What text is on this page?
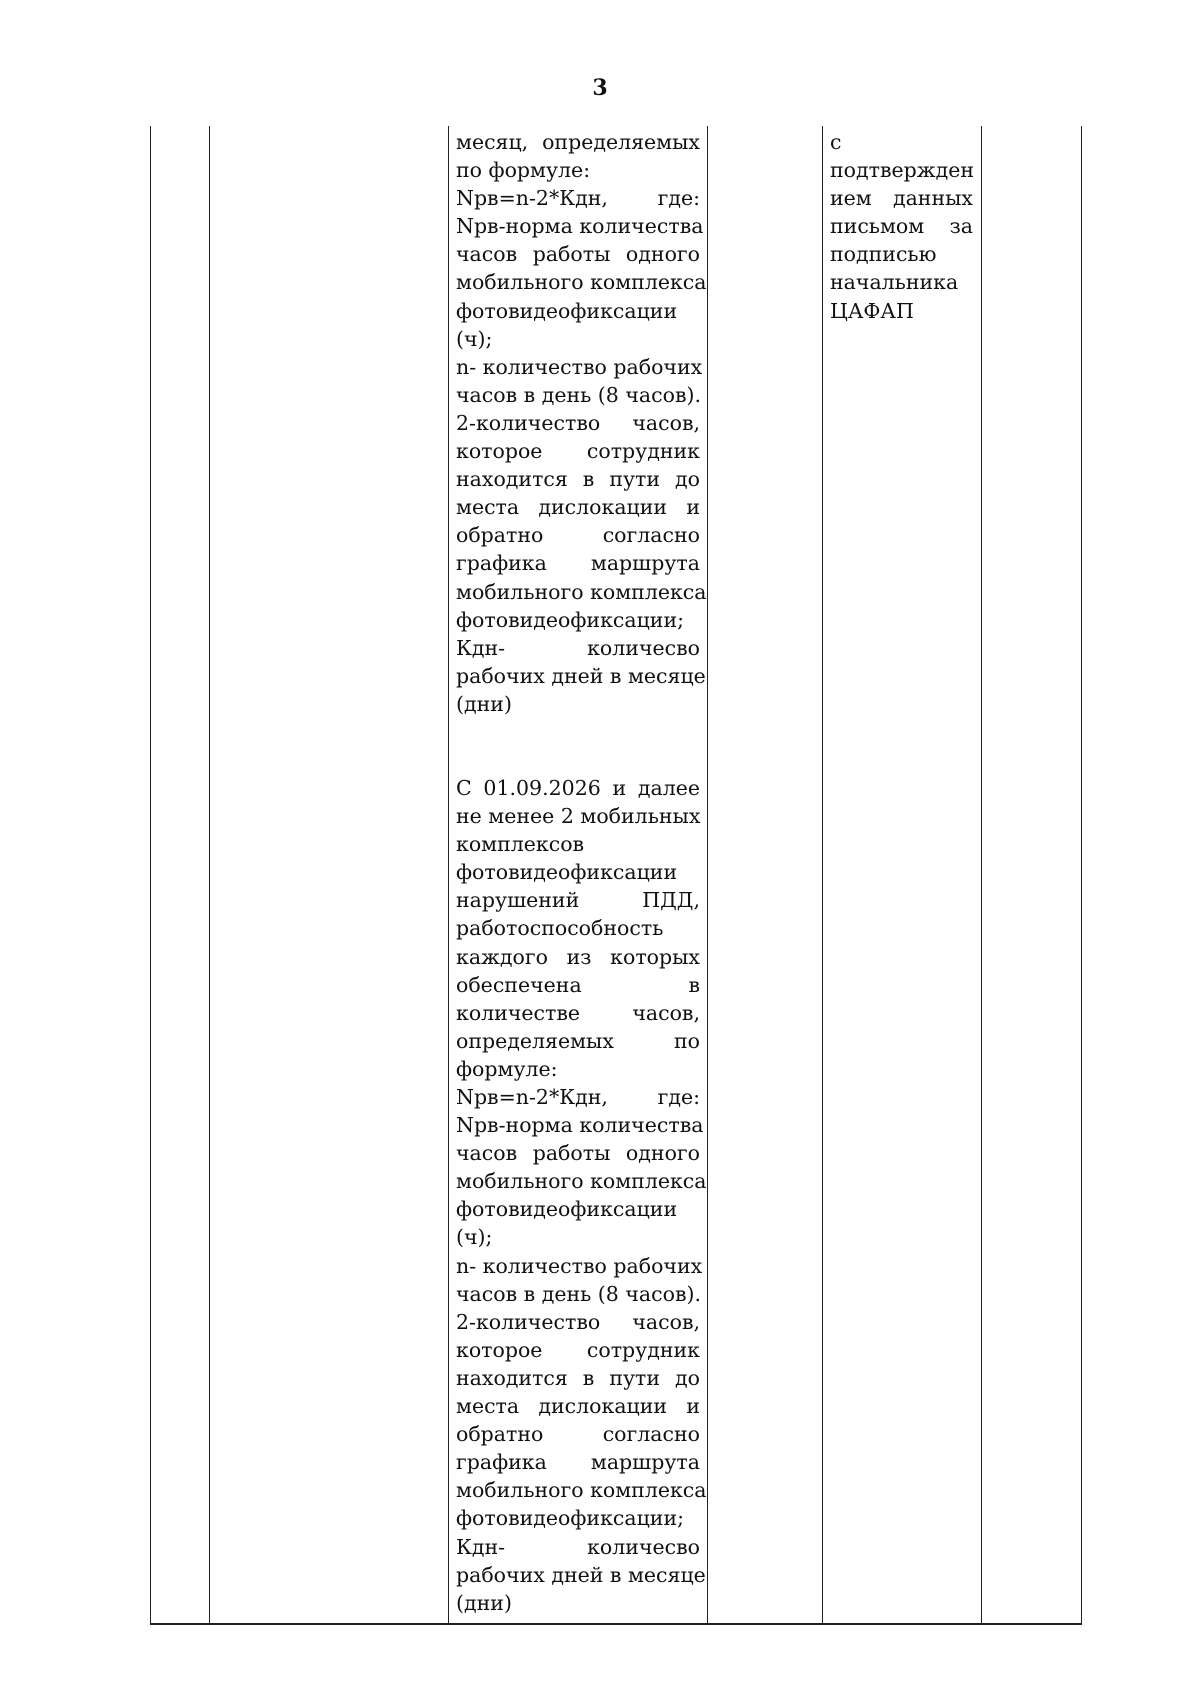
3
месяц, определяемых
по формуле:
Nрв=n-2*Кдн, где:
Nрв-норма количества
часов работы одного
мобильного комплекса
фотовидеофиксации
(ч);
n- количество рабочих
часов в день (8 часов).
2-количество часов,
которое сотрудник
находится в пути до
места дислокации и
обратно согласно
графика маршрута
мобильного комплекса
фотовидеофиксации;
Кдн- количесво
рабочих дней в месяце
(дни)
С 01.09.2026 и далее
не менее 2 мобильных
комплексов
фотовидеофиксации
нарушений ПДД,
работоспособность
каждого из которых
обеспечена в
количестве часов,
определяемых по
формуле:
Nрв=n-2*Кдн, где:
Nрв-норма количества
часов работы одного
мобильного комплекса
фотовидеофиксации
(ч);
n- количество рабочих
часов в день (8 часов).
2-количество часов,
которое сотрудник
находится в пути до
места дислокации и
обратно согласно
графика маршрута
мобильного комплекса
фотовидеофиксации;
Кдн- количесво
рабочих дней в месяце
(дни)
с
подтвержден
ием данных
письмом за
подписью
начальника
ЦАФАП
